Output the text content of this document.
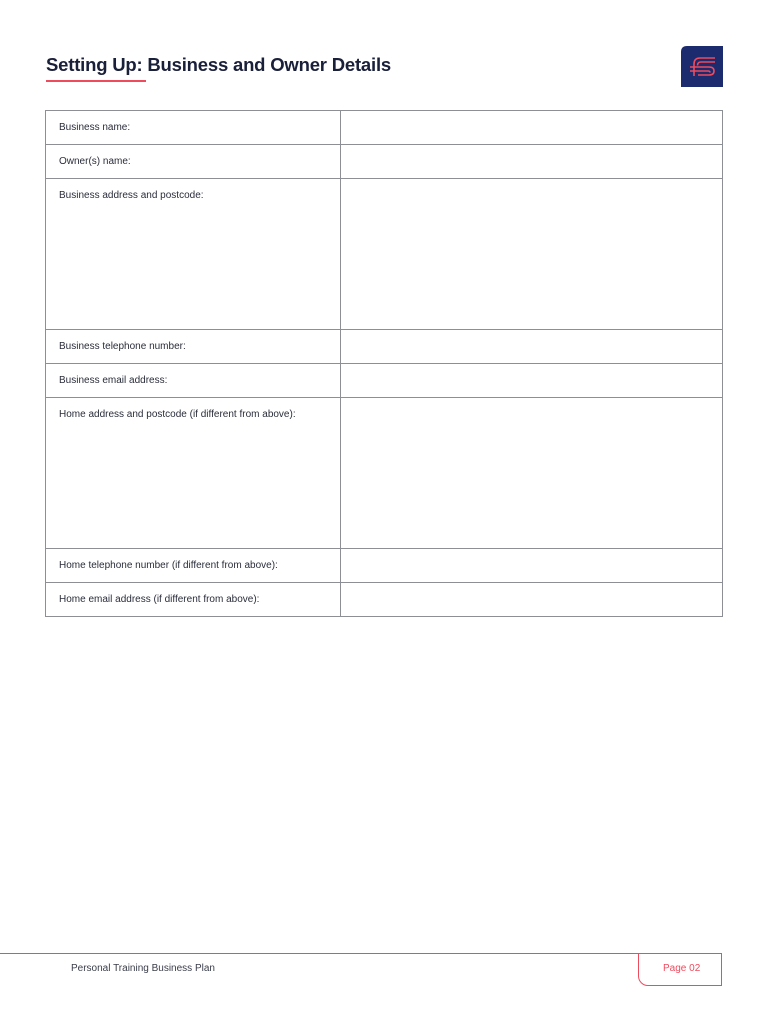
Setting Up: Business and Owner Details
Business name:	

Owner(s) name:	

Business address and postcode:	

Business telephone number:	

Business email address:	

Home address and postcode (if different from above):	

Home telephone number (if different from above):	

Home email address (if different from above):	
Personal Training Business Plan	Page 02
